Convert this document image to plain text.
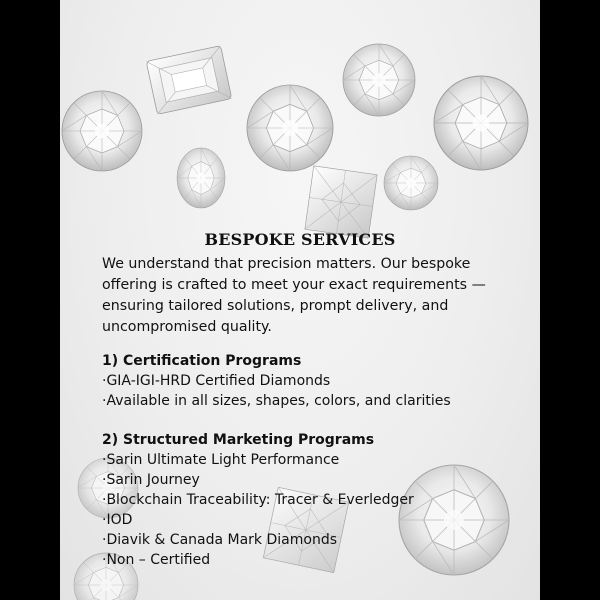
BESPOKE SERVICES

We understand that precision matters. Our bespoke offering is crafted to meet your exact requirements — ensuring tailored solutions, prompt delivery, and uncompromised quality.

1) Certification Programs
·GIA-IGI-HRD Certified Diamonds
·Available in all sizes, shapes, colors, and clarities
2) Structured Marketing Programs
·Sarin Ultimate Light Performance
·Sarin Journey
·Blockchain Traceability: Tracer & Everledger
·IOD
·Diavik & Canada Mark Diamonds
·Non – Certified
